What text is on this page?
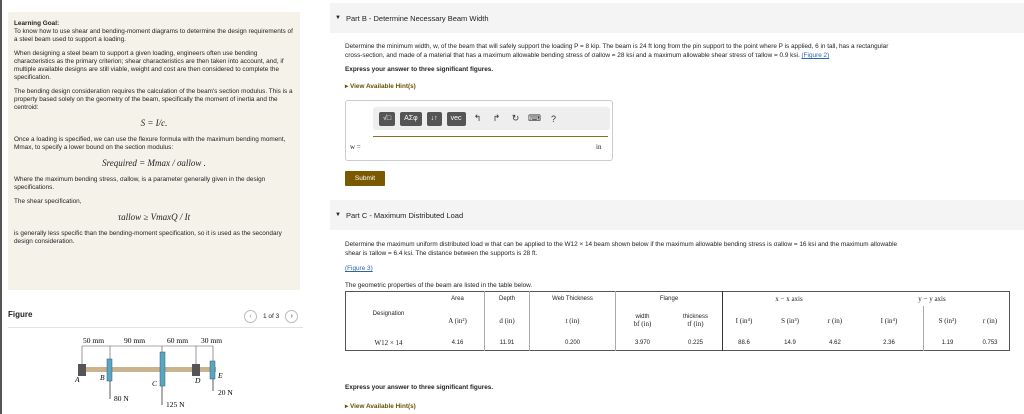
Learning Goal:
To know how to use shear and bending-moment diagrams to determine the design requirements of a steel beam used to support a loading.

When designing a steel beam to support a given loading, engineers often use bending characteristics as the primary criterion; shear characteristics are then taken into account, and, if multiple available designs are still viable, weight and cost are then considered to complete the specification.

The bending design consideration requires the calculation of the beam's section modulus. This is a property based solely on the geometry of the beam, specifically the moment of inertia and the centroid:

S = I/c.

Once a loading is specified, we can use the flexure formula with the maximum bending moment, Mmax, to specify a lower bound on the section modulus:

Srequired = Mmax / σallow .

Where the maximum bending stress, σallow, is a parameter generally given in the design specifications.

The shear specification,

τallow ≥ VmaxQ / It

is generally less specific than the bending-moment specification, so it is used as the secondary design consideration.

Figure	‹	1 of 3	›
50 mm	90 mm	60 mm 30 mm
A	B
C	D
E
80 N
125 N
20 N
▼ Part B - Determine Necessary Beam Width
Determine the minimum width, w, of the beam that will safely support the loading P = 8 kip. The beam is 24 ft long from the pin support to the point where P is applied, 6 in tall, has a rectangular
cross-section, and made of a material that has a maximum allowable bending stress of σallow = 28 ksi and a maximum allowable shear stress of τallow = 0.9 ksi. (Figure 2)
Express your answer to three significant figures.
▸ View Available Hint(s)
√□	ΑΣφ	↓↑	vec	↰	↱	↻ ⌨	?
w =	in
Submit
▼ Part C - Maximum Distributed Load
Determine the maximum uniform distributed load w that can be applied to the W12 × 14 beam shown below if the maximum allowable bending stress is σallow = 16 ksi and the maximum allowable
shear is τallow = 6.4 ksi. The distance between the supports is 28 ft.
(Figure 3)
The geometric properties of the beam are listed in the table below.
Designation	Area	Depth	Web Thickness	Flange		x − x axis			y − y axis		
	A (in²)	d (in)	t (in)	width
bf (in)	thickness
tf (in)	I (in⁴)	S (in³)	r (in)	I (in⁴)	S (in³)	r (in)
W12 × 14	4.16	11.91	0.200	3.970	0.225	88.6	14.9	4.62	2.36	1.19	0.753
Express your answer to three significant figures.
▸ View Available Hint(s)
